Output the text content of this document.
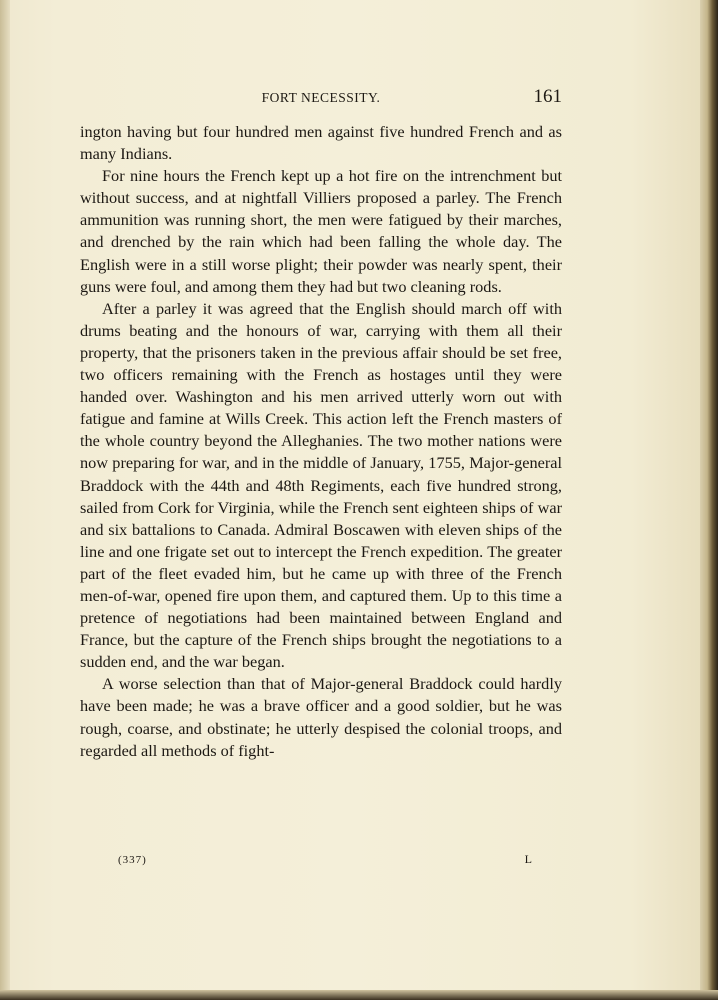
FORT NECESSITY.	161

ington having but four hundred men against five hundred French and as many Indians.

For nine hours the French kept up a hot fire on the intrenchment but without success, and at nightfall Villiers proposed a parley. The French ammunition was running short, the men were fatigued by their marches, and drenched by the rain which had been falling the whole day. The English were in a still worse plight; their powder was nearly spent, their guns were foul, and among them they had but two cleaning rods.

After a parley it was agreed that the English should march off with drums beating and the honours of war, carrying with them all their property, that the prisoners taken in the previous affair should be set free, two officers remaining with the French as hostages until they were handed over. Washington and his men arrived utterly worn out with fatigue and famine at Wills Creek. This action left the French masters of the whole country beyond the Alleghanies. The two mother nations were now preparing for war, and in the middle of January, 1755, Major-general Braddock with the 44th and 48th Regiments, each five hundred strong, sailed from Cork for Virginia, while the French sent eighteen ships of war and six battalions to Canada. Admiral Boscawen with eleven ships of the line and one frigate set out to intercept the French expedition. The greater part of the fleet evaded him, but he came up with three of the French men-of-war, opened fire upon them, and captured them. Up to this time a pretence of negotiations had been maintained between England and France, but the capture of the French ships brought the negotiations to a sudden end, and the war began.

A worse selection than that of Major-general Braddock could hardly have been made; he was a brave officer and a good soldier, but he was rough, coarse, and obstinate; he utterly despised the colonial troops, and regarded all methods of fight-

(337)	L
